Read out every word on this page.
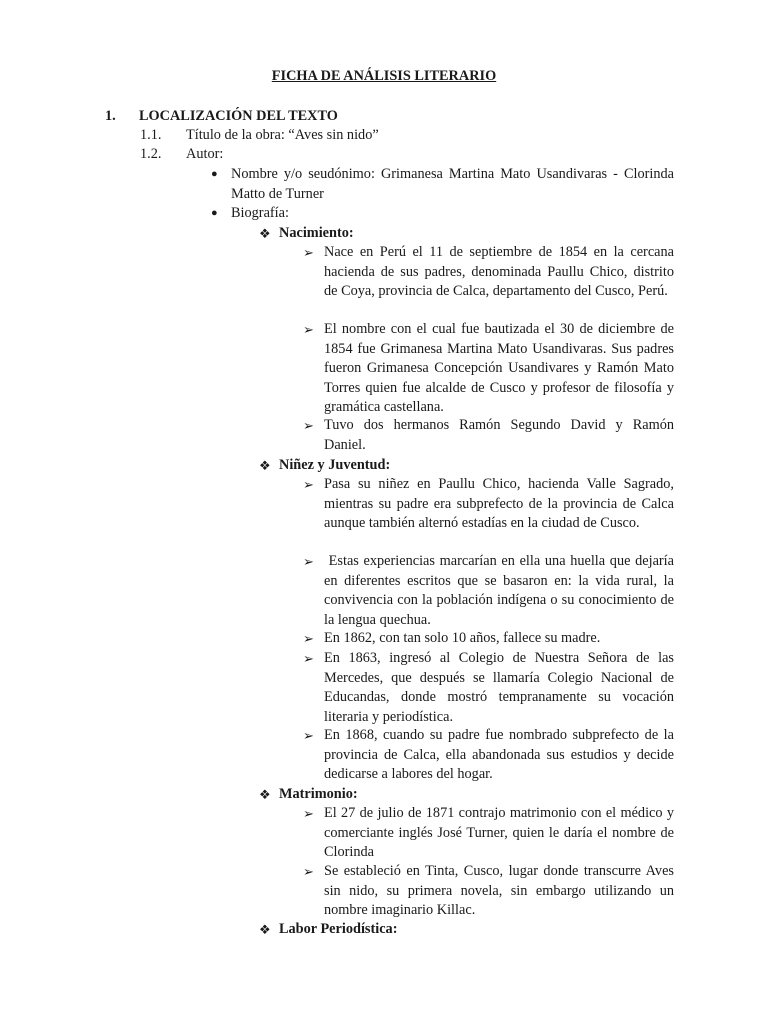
FICHA DE ANÁLISIS LITERARIO
1. LOCALIZACIÓN DEL TEXTO
1.1. Título de la obra: “Aves sin nido”
1.2. Autor:
● Nombre y/o seudónimo: Grimanesa Martina Mato Usandivaras - Clorinda Matto de Turner
● Biografía:
❖ Nacimiento:
➢ Nace en Perú el 11 de septiembre de 1854 en la cercana hacienda de sus padres, denominada Paullu Chico, distrito de Coya, provincia de Calca, departamento del Cusco, Perú.
➢ El nombre con el cual fue bautizada el 30 de diciembre de 1854 fue Grimanesa Martina Mato Usandivaras. Sus padres fueron Grimanesa Concepción Usandivares y Ramón Mato Torres quien fue alcalde de Cusco y profesor de filosofía y gramática castellana.
➢ Tuvo dos hermanos Ramón Segundo David y Ramón Daniel.
❖ Niñez y Juventud:
➢ Pasa su niñez en Paullu Chico, hacienda Valle Sagrado, mientras su padre era subprefecto de la provincia de Calca aunque también alternó estadías en la ciudad de Cusco.
➢ Estas experiencias marcarían en ella una huella que dejaría en diferentes escritos que se basaron en: la vida rural, la convivencia con la población indígena o su conocimiento de la lengua quechua.
➢ En 1862, con tan solo 10 años, fallece su madre.
➢ En 1863, ingresó al Colegio de Nuestra Señora de las Mercedes, que después se llamaría Colegio Nacional de Educandas, donde mostró tempranamente su vocación literaria y periodística.
➢ En 1868, cuando su padre fue nombrado subprefecto de la provincia de Calca, ella abandonada sus estudios y decide dedicarse a labores del hogar.
❖ Matrimonio:
➢ El 27 de julio de 1871 contrajo matrimonio con el médico y comerciante inglés José Turner, quien le daría el nombre de Clorinda
➢ Se estableció en Tinta, Cusco, lugar donde transcurre Aves sin nido, su primera novela, sin embargo utilizando un nombre imaginario Killac.
❖ Labor Periodística:
